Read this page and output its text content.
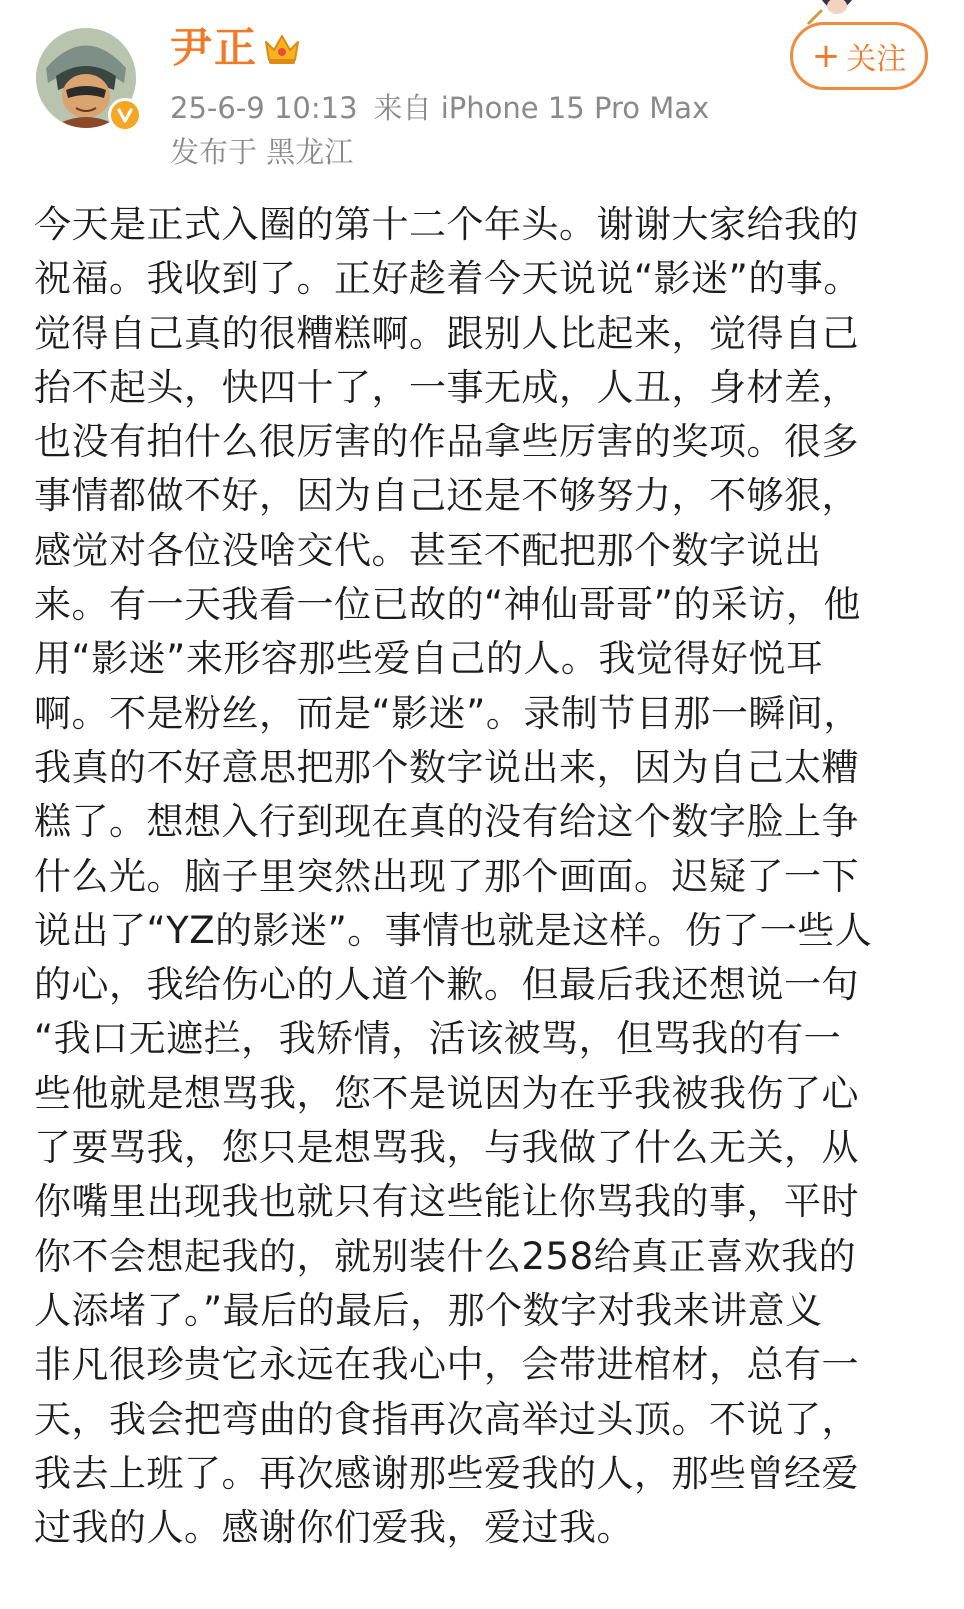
尹正
25-6-9 10:13 来自 iPhone 15 Pro Max
发布于 黑龙江
+ 关注
今天是正式入圈的第十二个年头。谢谢大家给我的
祝福。我收到了。正好趁着今天说说“影迷”的事。
觉得自己真的很糟糕啊。跟别人比起来，觉得自己
抬不起头，快四十了，一事无成，人丑，身材差，
也没有拍什么很厉害的作品拿些厉害的奖项。很多
事情都做不好，因为自己还是不够努力，不够狠，
感觉对各位没啥交代。甚至不配把那个数字说出
来。有一天我看一位已故的“神仙哥哥”的采访，他
用“影迷”来形容那些爱自己的人。我觉得好悦耳
啊。不是粉丝，而是“影迷”。录制节目那一瞬间，
我真的不好意思把那个数字说出来，因为自己太糟
糕了。想想入行到现在真的没有给这个数字脸上争
什么光。脑子里突然出现了那个画面。迟疑了一下
说出了“YZ的影迷”。事情也就是这样。伤了一些人
的心，我给伤心的人道个歉。但最后我还想说一句
“我口无遮拦，我矫情，活该被骂，但骂我的有一
些他就是想骂我，您不是说因为在乎我被我伤了心
了要骂我，您只是想骂我，与我做了什么无关，从
你嘴里出现我也就只有这些能让你骂我的事，平时
你不会想起我的，就别装什么258给真正喜欢我的
人添堵了。”最后的最后，那个数字对我来讲意义
非凡很珍贵它永远在我心中，会带进棺材，总有一
天，我会把弯曲的食指再次高举过头顶。不说了，
我去上班了。再次感谢那些爱我的人，那些曾经爱
过我的人。感谢你们爱我，爱过我。
